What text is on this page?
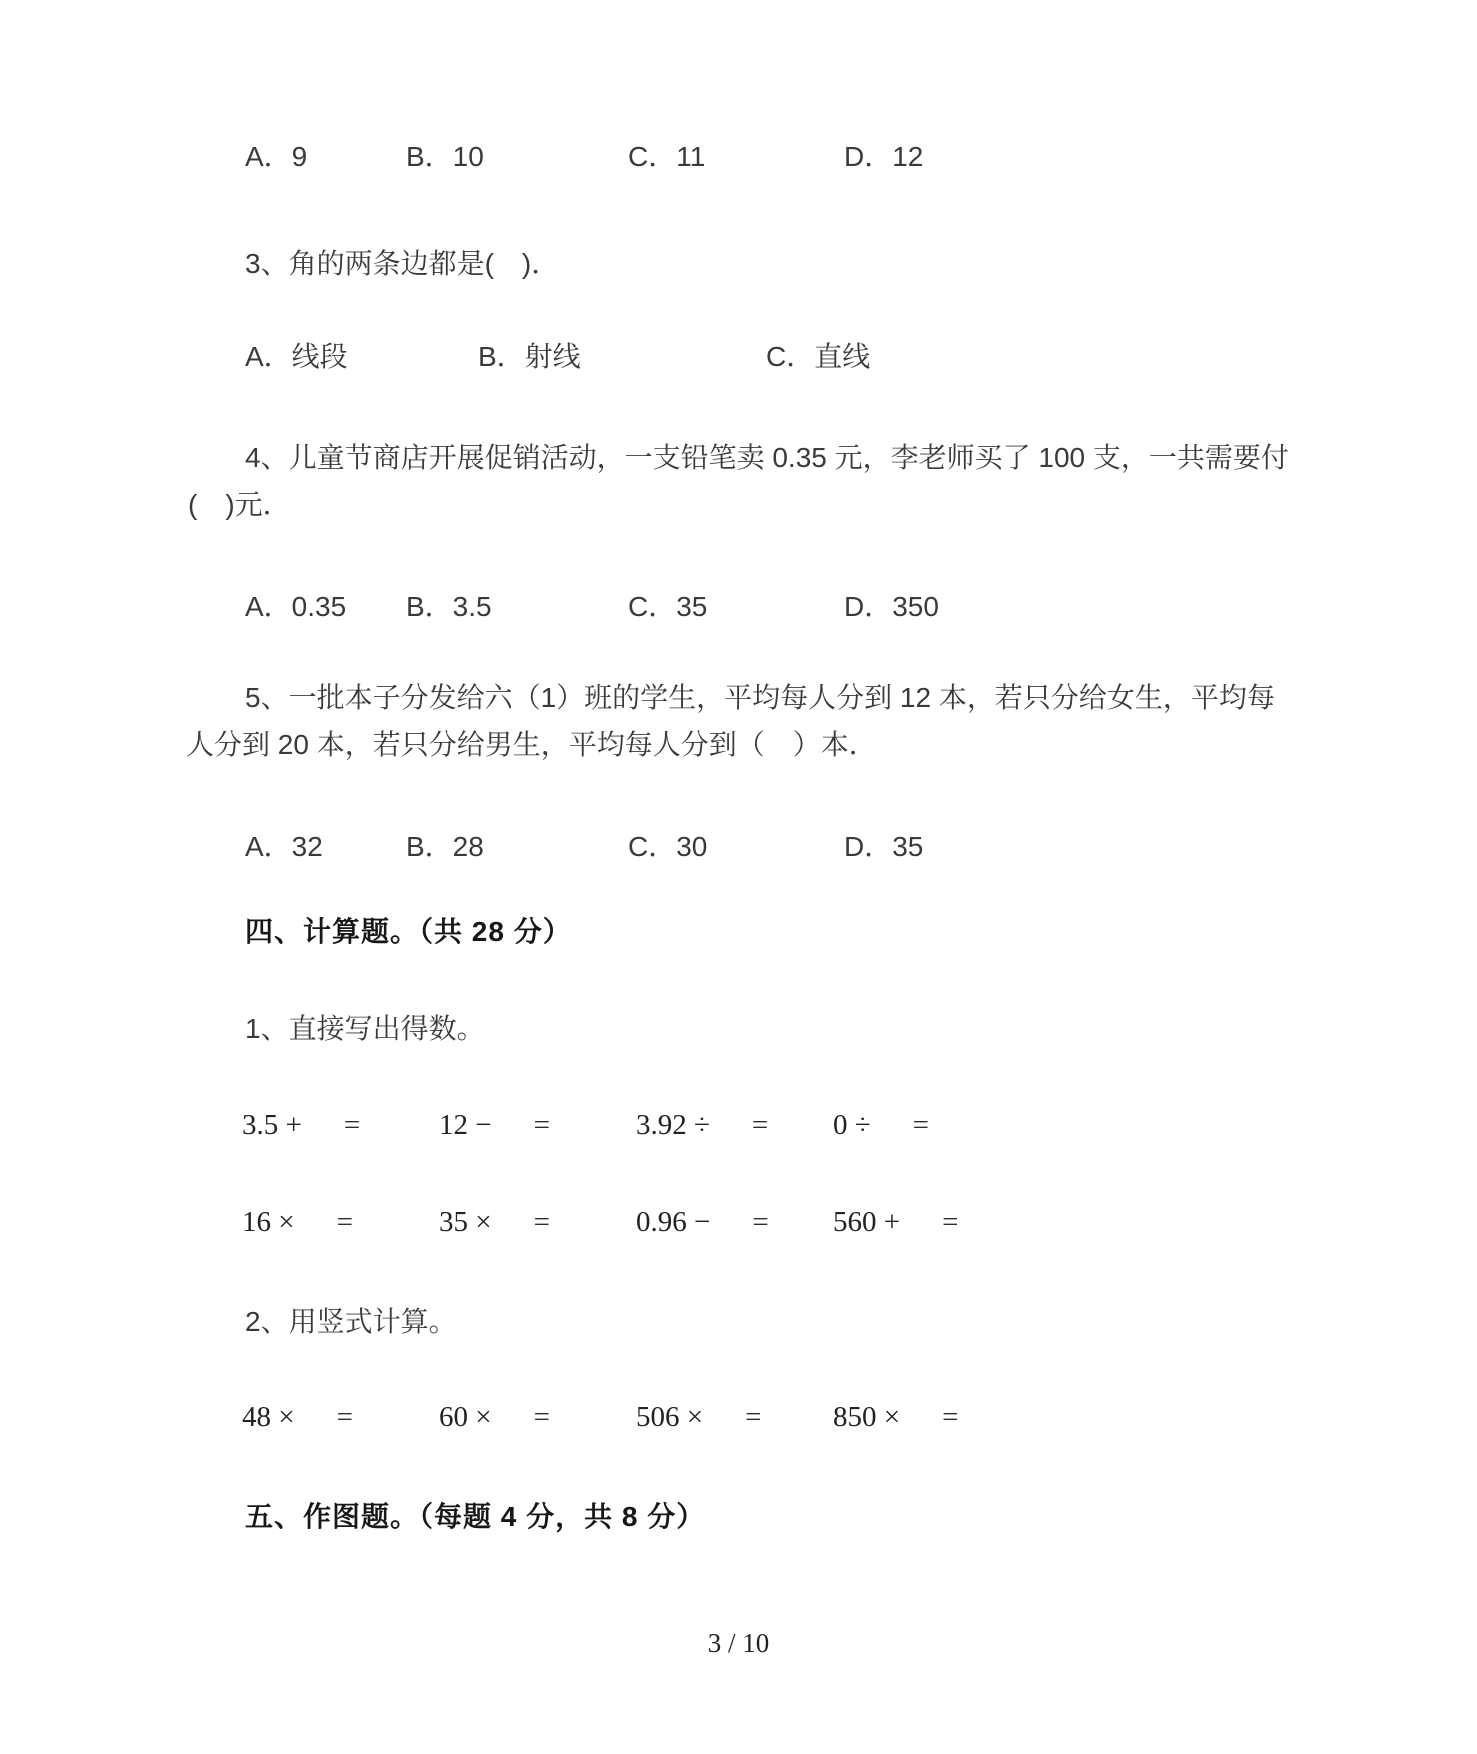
A．9	B．10	C．11	D．12
3、角的两条边都是(　)．
A．线段	B．射线	C．直线
4、儿童节商店开展促销活动，一支铅笔卖 0.35 元，李老师买了 100 支，一共需要付
(　)元．
A．0.35	B．3.5	C．35	D．350
5、一批本子分发给六（1）班的学生，平均每人分到 12 本，若只分给女生，平均每
人分到 20 本，若只分给男生，平均每人分到（　）本．
A．32	B．28	C．30	D．35
四、计算题。（共 28 分）
1、直接写出得数。
3.5 + =	12 − =	3.92 ÷ = 0 ÷ =
16 × =	35 × =	0.96 − = 560 + =
2、用竖式计算。
48 × =	60 × =	506 × = 850 × =
五、作图题。（每题 4 分，共 8 分）
3 / 10
